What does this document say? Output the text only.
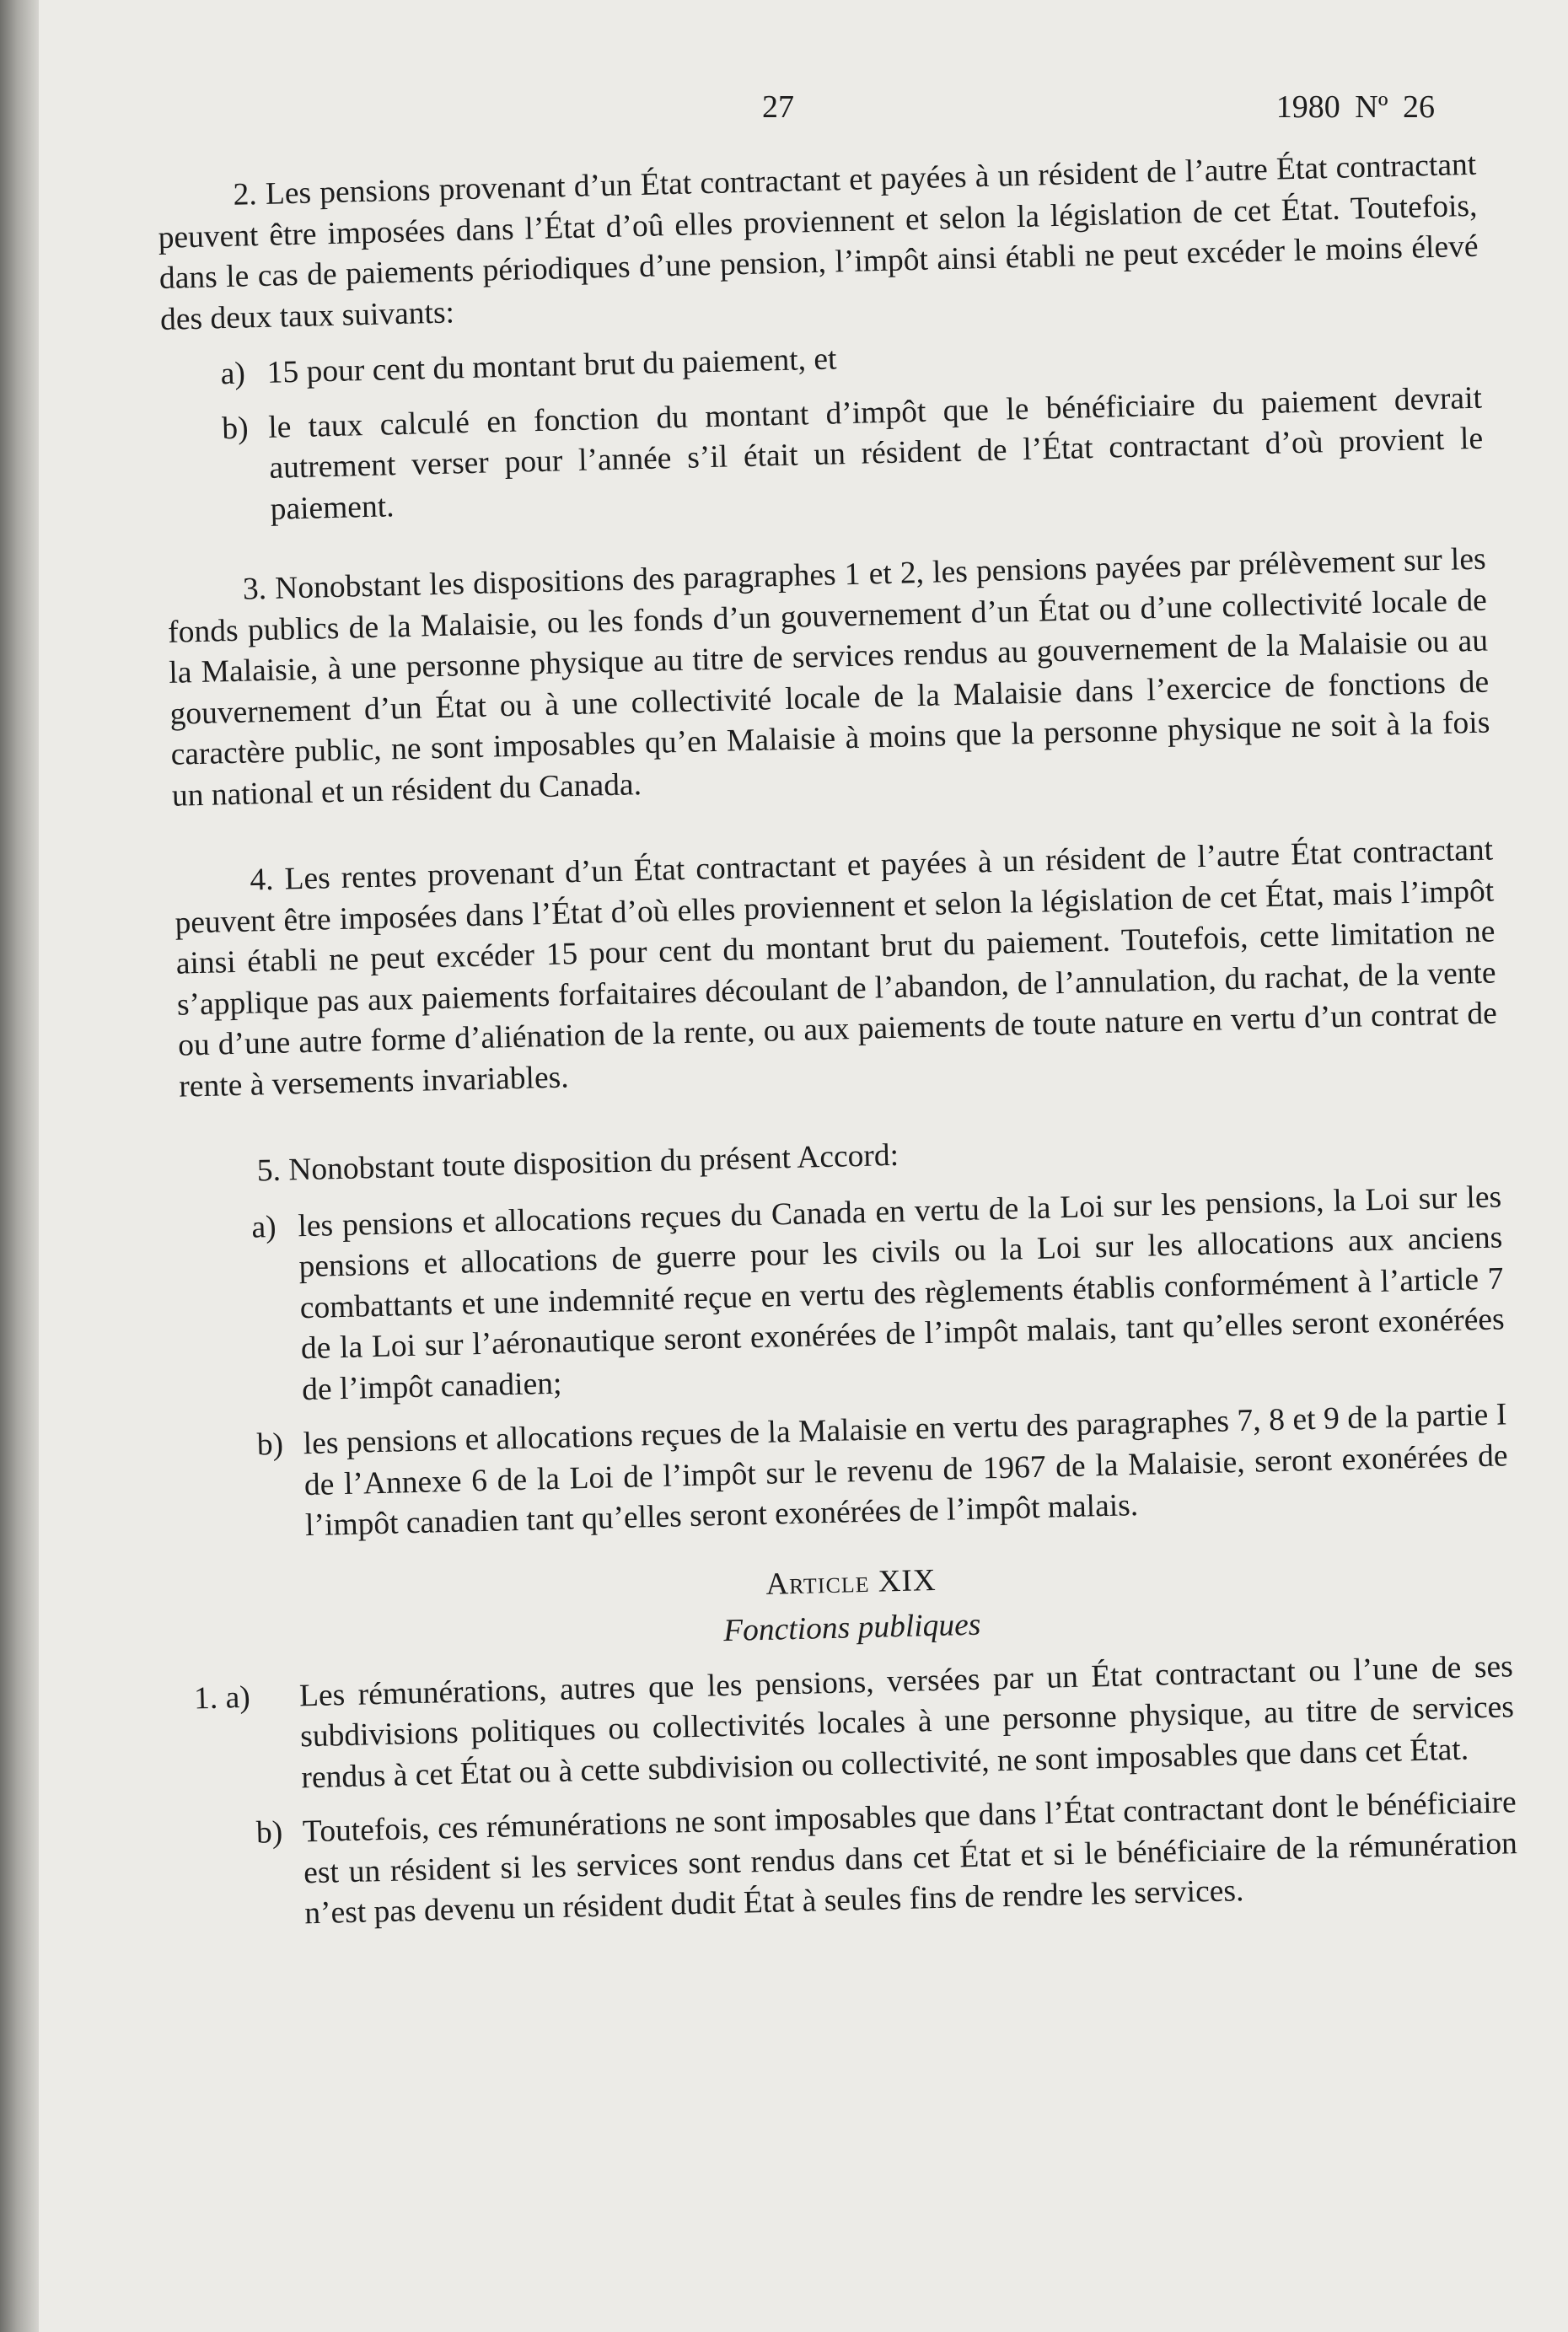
27	1980 Nº 26

2. Les pensions provenant d’un État contractant et payées à un résident de l’autre État contractant peuvent être imposées dans l’État d’oû elles proviennent et selon la législation de cet État. Toutefois, dans le cas de paiements périodiques d’une pension, l’impôt ainsi établi ne peut excéder le moins élevé des deux taux suivants:

a) 15 pour cent du montant brut du paiement, et
b) le taux calculé en fonction du montant d’impôt que le bénéficiaire du paiement devrait autrement verser pour l’année s’il était un résident de l’État contractant d’où provient le paiement.

3. Nonobstant les dispositions des paragraphes 1 et 2, les pensions payées par prélèvement sur les fonds publics de la Malaisie, ou les fonds d’un gouvernement d’un État ou d’une collectivité locale de la Malaisie, à une personne physique au titre de services rendus au gouvernement de la Malaisie ou au gouvernement d’un État ou à une collectivité locale de la Malaisie dans l’exercice de fonctions de caractère public, ne sont imposables qu’en Malaisie à moins que la personne physique ne soit à la fois un national et un résident du Canada.

4. Les rentes provenant d’un État contractant et payées à un résident de l’autre État contractant peuvent être imposées dans l’État d’où elles proviennent et selon la législation de cet État, mais l’impôt ainsi établi ne peut excéder 15 pour cent du montant brut du paiement. Toutefois, cette limitation ne s’applique pas aux paiements forfaitaires découlant de l’abandon, de l’annulation, du rachat, de la vente ou d’une autre forme d’aliénation de la rente, ou aux paiements de toute nature en vertu d’un contrat de rente à versements invariables.

5. Nonobstant toute disposition du présent Accord:

a) les pensions et allocations reçues du Canada en vertu de la Loi sur les pensions, la Loi sur les pensions et allocations de guerre pour les civils ou la Loi sur les allocations aux anciens combattants et une indemnité reçue en vertu des règlements établis conformément à l’article 7 de la Loi sur l’aéronautique seront exonérées de l’impôt malais, tant qu’elles seront exonérées de l’impôt canadien;
b) les pensions et allocations reçues de la Malaisie en vertu des paragraphes 7, 8 et 9 de la partie I de l’Annexe 6 de la Loi de l’impôt sur le revenu de 1967 de la Malaisie, seront exonérées de l’impôt canadien tant qu’elles seront exonérées de l’impôt malais.
Article XIX
Fonctions publiques
1. a)	Les rémunérations, autres que les pensions, versées par un État contractant ou l’une de ses subdivisions politiques ou collectivités locales à une personne physique, au titre de services rendus à cet État ou à cette subdivision ou collectivité, ne sont imposables que dans cet État.
b) Toutefois, ces rémunérations ne sont imposables que dans l’État contractant dont le bénéficiaire est un résident si les services sont rendus dans cet État et si le bénéficiaire de la rémunération n’est pas devenu un résident dudit État à seules fins de rendre les services.
